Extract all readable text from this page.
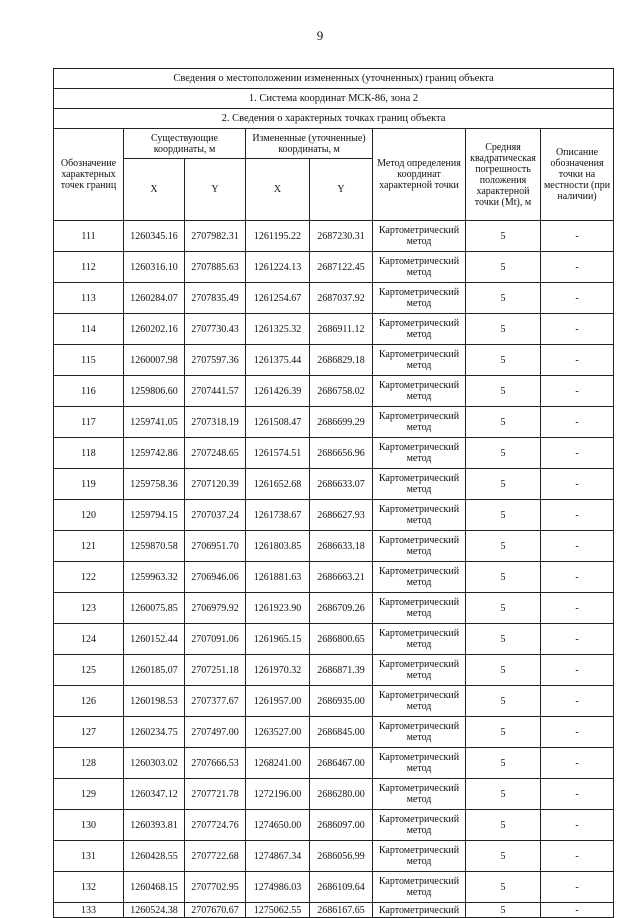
9
Сведения о местоположении измененных (уточненных) границ объекта							
1. Система координат МСК-86, зона 2							
2. Сведения о характерных точках границ объекта							
Обозначение характерных точек границ	Существующие координаты, м		Измененные (уточненные) координаты, м		Метод определения координат характерной точки	Средняя квадратическая погрешность положения характерной точки (Mt), м	Описание обозначения точки на местности (при наличии)
	X	Y	X	Y			
111	1260345.16	2707982.31	1261195.22	2687230.31	Картометрический метод	5	-
112	1260316.10	2707885.63	1261224.13	2687122.45	Картометрический метод	5	-
113	1260284.07	2707835.49	1261254.67	2687037.92	Картометрический метод	5	-
114	1260202.16	2707730.43	1261325.32	2686911.12	Картометрический метод	5	-
115	1260007.98	2707597.36	1261375.44	2686829.18	Картометрический метод	5	-
116	1259806.60	2707441.57	1261426.39	2686758.02	Картометрический метод	5	-
117	1259741.05	2707318.19	1261508.47	2686699.29	Картометрический метод	5	-
118	1259742.86	2707248.65	1261574.51	2686656.96	Картометрический метод	5	-
119	1259758.36	2707120.39	1261652.68	2686633.07	Картометрический метод	5	-
120	1259794.15	2707037.24	1261738.67	2686627.93	Картометрический метод	5	-
121	1259870.58	2706951.70	1261803.85	2686633.18	Картометрический метод	5	-
122	1259963.32	2706946.06	1261881.63	2686663.21	Картометрический метод	5	-
123	1260075.85	2706979.92	1261923.90	2686709.26	Картометрический метод	5	-
124	1260152.44	2707091.06	1261965.15	2686800.65	Картометрический метод	5	-
125	1260185.07	2707251.18	1261970.32	2686871.39	Картометрический метод	5	-
126	1260198.53	2707377.67	1261957.00	2686935.00	Картометрический метод	5	-
127	1260234.75	2707497.00	1263527.00	2686845.00	Картометрический метод	5	-
128	1260303.02	2707666.53	1268241.00	2686467.00	Картометрический метод	5	-
129	1260347.12	2707721.78	1272196.00	2686280.00	Картометрический метод	5	-
130	1260393.81	2707724.76	1274650.00	2686097.00	Картометрический метод	5	-
131	1260428.55	2707722.68	1274867.34	2686056.99	Картометрический метод	5	-
132	1260468.15	2707702.95	1274986.03	2686109.64	Картометрический метод	5	-
133	1260524.38	2707670.67	1275062.55	2686167.65	Картометрический	5	-
